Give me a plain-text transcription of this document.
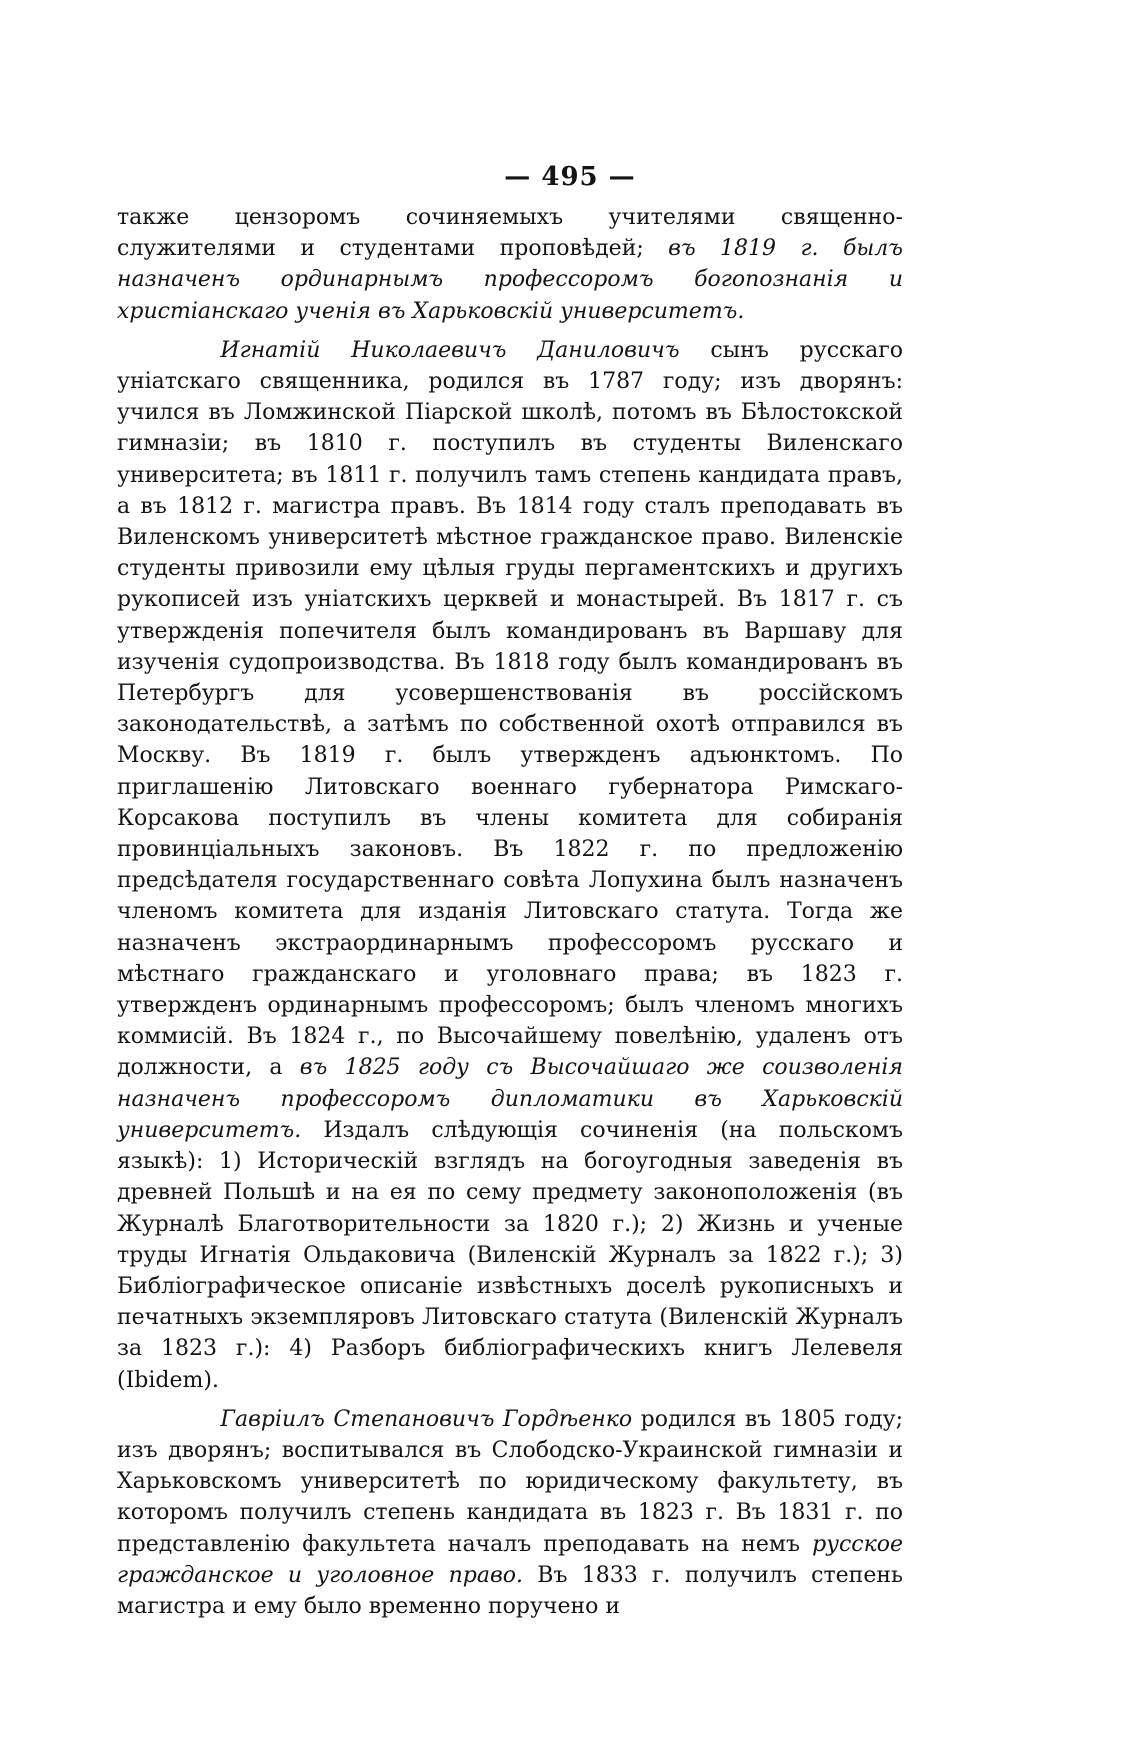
— 495 —

также цензоромъ сочиняемыхъ учителями священно-служителями и студентами проповѣдей; въ 1819 г. былъ назначенъ ординарнымъ профессоромъ богопознанія и христіанскаго ученія въ Харьковскій университетъ.

Игнатій Николаевичъ Даниловичъ сынъ русскаго уніатскаго священника, родился въ 1787 году; изъ дворянъ: учился въ Ломжинской Піарской школѣ, потомъ въ Бѣлостокской гимназіи; въ 1810 г. поступилъ въ студенты Виленскаго университета; въ 1811 г. получилъ тамъ степень кандидата правъ, а въ 1812 г. магистра правъ. Въ 1814 году сталъ преподавать въ Виленскомъ университетѣ мѣстное гражданское право. Виленскіе студенты привозили ему цѣлыя груды пергаментскихъ и другихъ рукописей изъ уніатскихъ церквей и монастырей. Въ 1817 г. съ утвержденія попечителя былъ командированъ въ Варшаву для изученія судопроизводства. Въ 1818 году былъ командированъ въ Петербургъ для усовершенствованія въ россійскомъ законодательствѣ, а затѣмъ по собственной охотѣ отправился въ Москву. Въ 1819 г. былъ утвержденъ адъюнктомъ. По приглашенію Литовскаго военнаго губернатора Римскаго-Корсакова поступилъ въ члены комитета для собиранія провинціальныхъ законовъ. Въ 1822 г. по предложенію предсѣдателя государственнаго совѣта Лопухина былъ назначенъ членомъ комитета для изданія Литовскаго статута. Тогда же назначенъ экстраординарнымъ профессоромъ русскаго и мѣстнаго гражданскаго и уголовнаго права; въ 1823 г. утвержденъ ординарнымъ профессоромъ; былъ членомъ многихъ коммисій. Въ 1824 г., по Высочайшему повелѣнію, удаленъ отъ должности, а въ 1825 году съ Высочайшаго же соизволенія назначенъ профессоромъ дипломатики въ Харьковскій университетъ. Издалъ слѣдующія сочиненія (на польскомъ языкѣ): 1) Историческій взглядъ на богоугодныя заведенія въ древней Польшѣ и на ея по сему предмету законоположенія (въ Журналѣ Благотворительности за 1820 г.); 2) Жизнь и ученые труды Игнатія Ольдаковича (Виленскій Журналъ за 1822 г.); 3) Библіографическое описаніе извѣстныхъ доселѣ рукописныхъ и печатныхъ экземпляровъ Литовскаго статута (Виленскій Журналъ за 1823 г.): 4) Разборъ библіографическихъ книгъ Лелевеля (Ibidem).

Гавріилъ Степановичъ Гордѣенко родился въ 1805 году; изъ дворянъ; воспитывался въ Слободско-Украинской гимназіи и Харьковскомъ университетѣ по юридическому факультету, въ которомъ получилъ степень кандидата въ 1823 г. Въ 1831 г. по представленію факультета началъ преподавать на немъ русское гражданское и уголовное право. Въ 1833 г. получилъ степень магистра и ему было временно поручено и
